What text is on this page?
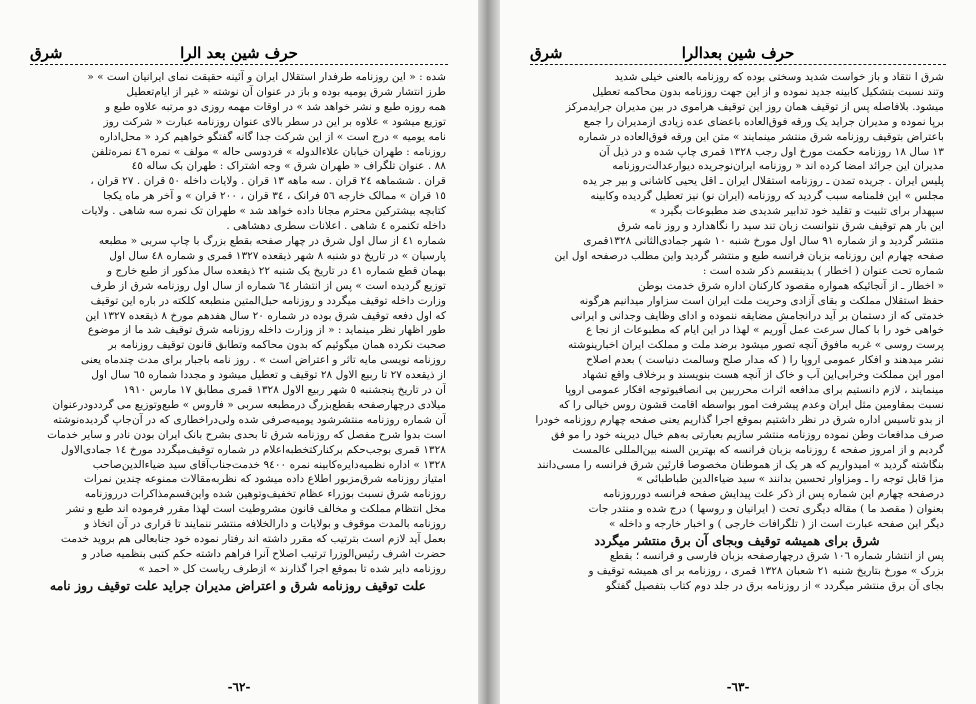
شرق	حرف شین بعد الرا
شده : « این روزنامه طرفدار استقلال ایران و آئینه حقیقت نمای ایرانیان است » «
طرز انتشار شرق یومیه بوده و باز در عنوان آن نوشته « غیر از ایام‌تعطیل
همه روزه طبع و نشر خواهد شد » در اوقات مهمه روزی دو مرتبه علاوه طبع و
توزیع میشود » علاوه بر این در سطر بالای عنوان روزنامه عبارت « شرکت روز
نامه یومیه » درج است » از این شرکت جدا گانه گفتگو خواهیم کرد « محل‌اداره
روزنامه : طهران خیابان علاءالدوله » فردوسی حاله » مولف » نمره ٤٦ نمره‌تلفن
٨٨ . عنوان تلگراف « طهران شرق » وجه اشتراک : طهران بک ساله ٤٥
قران . ششماهه ٢٤ قران . سه ماهه ١٣ قران . ولایات داخله ٥٠ قران . ٢٧ قران ،
١٥ قران » ممالک خارجه ٥٦ فرانک ، ٣٤ قران ، ٢٠٠ قران » و آخر هر ماه یکجا
کتابچه بیشترکین محترم مجانا داده خواهد شد » طهران تک نمره سه شاهی . ولایات
داخله تکنمره ٤ شاهی . اعلانات سطری دهشاهی .
شماره ٤١ از سال اول شرق در چهار صفحه بقطع بزرگ با چاپ سربی « مطبعه
پارسیان » در تاریخ دو شنبه ٨ شهر ذیقعده ١٣٢٧ قمری و شماره ٤٨ سال اول
بهمان قطع شماره ٤١ در تاریخ یک شنبه ٢٢ ذیقعده سال مذکور از طبع خارج و
توزیع گردیده است » پس از انتشار ٦٤ شماره از سال اول روزنامه شرق از طرف
وزارت داخله توقیف میگردد و روزنامه حبل‌المتین منطبعه کلکته در باره این توقیف
که اول دفعه توقیف شرق بوده در شماره ٢٠ سال هفدهم مورخ ٨ ذیقعده ١٣٢٧ این
طور اظهار نظر مینماید : « از وزارت داخله روزنامه شرق توقیف شد ما از موضوع
صحبت نکرده همان میگوئیم که بدون محاکمه وتطابق قانون توقیف روزنامه بر
روزنامه نویسی مایه تاثر و اعتراض است » . روز نامه باجبار برای مدت چندماه یعنی
از ذیقعده ٢٧ تا ربیع الاول ٢٨ توقیف و تعطیل میشود و مجددا شماره ٦٥ سال اول
آن در تاریخ پنجشنبه ٥ شهر ربیع الاول ١٣٢٨ قمری مطابق ١٧ مارس ١٩١٠
میلادی درچهارصفحه بقطع‌بزرگ درمطبعه سربی « فاروس » طبع‌وتوزیع می گرددودرعنوان
آن شماره روزنامه منتشرشود یومیه‌صرفی شده ولی‌در‌اخطاری که در آن‌جاپ گردیده‌نوشته
است بدوا شرح مفصل که روزنامه شرق تا بحدی بشرح بانک ایران بودن نادر و سایر خدمات
١٣٢٨ قمری بوجب‌حکم برکنار‌کتخطبه‌اعلام در شماره توقیف‌میگردد مورخ ١٤ جمادی‌الاول
١٣٢٨ » اداره نظمیه‌دایره‌کابینه نمره ٩٤٠٠ خدمت‌جناب‌آقای سید ضیاءالدین‌صاحب
امتیاز روزنامه شرق‌مزبور اطلاع داده میشود که نظربه‌مقالات ممنوعه چندین نمرات
روزنامه شرق نسبت بوزراء عظام تخفیف‌وتوهین شده واین‌قسم‌مذاکرات درروزنامه
مخل انتظام مملکت و مخالف قانون مشروطیت است لهذا مقرر فرموده اند طبع و نشر
روزنامه بالمدت موقوف و بولایات و دارالخلافه منتشر ننمایند تا قراری در آن اتخاذ و
بعمل آید لازم است بترتیب که مقرر داشته اند رفتار نموده خود جنابعالی هم بروید خدمت
حضرت اشرف رئیس‌الوزرا ترتیب اصلاح آنرا فراهم داشته حکم کتبی بنظمیه صادر و
روزنامه دایر شده تا بموقع اجرا گذارند » ازطرف ریاست کل « احمد »
علت توقیف روزنامه شرق و اعتراض مدیران جراید علت توقیف روز نامه
-٦٢-
شرق	حرف شین بعدالرا
شرق ا نتقاد و باز خواست شدید وسختی بوده که روزنامه بالعنی خیلی شدید
وتند نسبت بتشکیل کابینه جدید نموده و از این جهت روزنامه بدون محاکمه تعطیل
میشود. بلافاصله پس از توقیف همان روز این توقیف هراموی در بین مدیران جرایدمرکز
برپا نموده و مدیران جراید یک ورقه فوق‌العاده باعضای عده زیادی ازمدیران را جمع
باعتراض بتوقیف روزنامه شرق منتشر مینمایند » متن این ورقه فوق‌العاده در شماره
١٣ سال ١٨ روزنامه حکمت مورخ اول رجب ١٣٢٨ قمری چاپ شده و در ذیل آن
مدیران این جرائد امضا کرده اند « روزنامه ایران‌نو‌جریده دیوار‌عدالت‌روزنامه
پلیس ایران . جریده تمدن ـ روزنامه استقلال ایران ـ اقل یحیی کاشانی و بیر جر یده
مجلس » این فلمنامه سبب گردید که روزنامه (ایران نو) نیز تعطیل گردیده وکابینه
سپهدار برای تثبیت و تقلید خود تدابیر شدیدی ضد مطبوعات بگیرد »
این بار هم توقیف شرق نتوانست زبان تند سید را نگاهدارد و روز نامه شرق
منتشر گردید و از شماره ٩١ سال اول مورخ شنبه ١٠ شهر جمادی‌الثانی ١٣٢٨قمری
صفحه چهارم این روزنامه بزبان فرانسه طبع و منتشر گردید واین مطلب درصفحه اول این
شماره تحت عنوان ( اخطار ) بدینقسم ذکر شده است :
« اخطار ـ از آنجائیکه همواره مقصود کارکنان اداره شرق خدمت بوطن
حفظ استقلال مملکت و بقای آزادی وحریت ملت ایران است سزاوار میدانیم هرگونه
خدمتی که از دستمان بر آید درانجامش مضایقه ننموده و ادای وظایف وجدانی و ایرانی
خواهی خود را با کمال سرعت عمل آوریم » لهذا در این ایام که مطبوعات از نجا ع
پرست روسی » غربه مافوق آنچه تصور میشود برضد ملت و مملکت ایران اخبارینوشته
نشر میدهند و افکار عمومی اروپا را ( که مدار صلح وسالمت دنیاست ) بعدم اصلاح
امور این مملکت وخرابی‌این آب و خاک از آنچه هست بنویسند و برخلاف واقع تشهاد
مینمایند ، لازم دانستیم برای مدافعه اثرات محرربین بی انصافیوتوجه افکار عمومی اروپا
نسبت بمقاومین مثل ایران وعدم پیشرفت امور بواسطه اقامت قشون روس خیالی را که
از بدو تاسیس اداره شرق در نظر داشتیم بموقع اجرا گذاریم یعنی صفحه چهارم روزنامه خودرا
صرف مدافعات وطن نموده روزنامه منتشر سازیم بعبارتی به‌هم خیال دیرینه خود را مو فق
گردیم و از امروز صفحه ٤ روزنامه بزبان فرانسه که بهترین السنه بین‌المللی عالمست
بنگاشته گردید » امیدواریم که هر یک از هموطنان مخصوصا قارئین شرق فرانسه را مسی‌دانند
مزا قابل توجه را ـ ومزاوار تحسین بدانند » سید ضیاءالدین طباطبائی »
درصفحه چهارم این شماره پس از ذکر علت پیدایش صفحه فرانسه دورروزنامه
بعنوان ( مقصد ما ) مقاله دیگری تحت ( ایرانیان و روسها ) درج شده و منتدر جات
دیگر این صفحه عبارت است از ( تلگرافات خارجی ) و اخبار خارجه و داخله »
شرق برای همیشه توقیف وبجای آن برق منتشر میگردد
پس از انتشار شماره ١٠٦ شرق درچهارصفحه بزبان فارسی و فرانسه ؛ بقطع
بزرک » مورخ بتاریخ شنبه ٢١ شعبان ١٣٢٨ قمری ، روزنامه بر ای همیشه توقیف و
بجای آن برق منتشر میگردد » از روزنامه برق در جلد دوم کتاب بتفصیل گفتگو
-٦٣-
